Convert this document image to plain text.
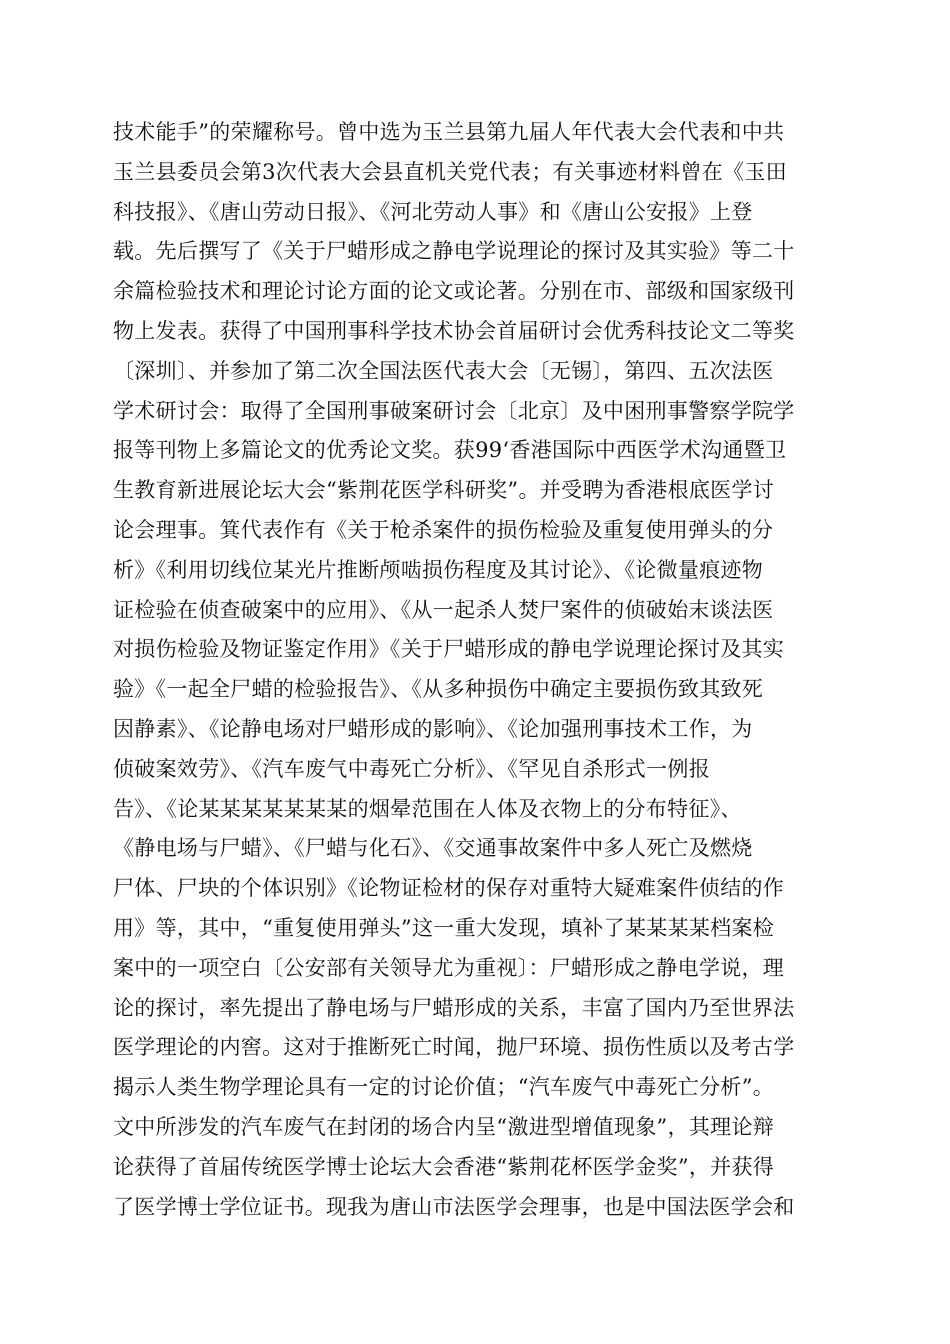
技术能手”的荣耀称号。曾中选为玉兰县第九届人年代表大会代表和中共
玉兰县委员会第3次代表大会县直机关党代表；有关事迹材料曾在《玉田
科技报》、《唐山劳动日报》、《河北劳动人事》和《唐山公安报》上登
载。先后撰写了《关于尸蜡形成之静电学说理论的探讨及其实验》等二十
余篇检验技术和理论讨论方面的论文或论著。分别在市、部级和国家级刊
物上发表。获得了中国刑事科学技术协会首届研讨会优秀科技论文二等奖
〔深圳〕、并参加了第二次全国法医代表大会〔无锡〕，第四、五次法医
学术研讨会：取得了全国刑事破案研讨会〔北京〕及中困刑事警察学院学
报等刊物上多篇论文的优秀论文奖。获99‘香港国际中西医学术沟通暨卫
生教育新进展论坛大会“紫荆花医学科研奖”。并受聘为香港根底医学讨
论会理事。箕代表作有《关于枪杀案件的损伤检验及重复使用弹头的分
析》《利用切线位某光片推断颅啮损伤程度及其讨论》、《论微量痕迹物
证检验在侦查破案中的应用》、《从一起杀人焚尸案件的侦破始末谈法医
对损伤检验及物证鉴定作用》《关于尸蜡形成的静电学说理论探讨及其实
验》《一起全尸蜡的检验报告》、《从多种损伤中确定主要损伤致其致死
因静素》、《论静电场对尸蜡形成的影响》、《论加强刑事技术工作，为
侦破案效劳》、《汽车废气中毒死亡分析》、《罕见自杀形式一例报
告》、《论某某某某某某某的烟晕范围在人体及衣物上的分布特征》、
《静电场与尸蜡》、《尸蜡与化石》、《交通事故案件中多人死亡及燃烧
尸体、尸块的个体识别》《论物证检材的保存对重特大疑难案件侦结的作
用》等，其中，“重复使用弹头”这一重大发现，填补了某某某某档案检
案中的一项空白〔公安部有关领导尤为重视〕：尸蜡形成之静电学说，理
论的探讨，率先提出了静电场与尸蜡形成的关系，丰富了国内乃至世界法
医学理论的内窖。这对于推断死亡时闻，抛尸环境、损伤性质以及考古学
揭示人类生物学理论具有一定的讨论价值；“汽车废气中毒死亡分析”。
文中所涉发的汽车废气在封闭的场合内呈“激进型增值现象”，其理论辩
论获得了首届传统医学博士论坛大会香港“紫荆花杯医学金奖”，并获得
了医学博士学位证书。现我为唐山市法医学会理事，也是中国法医学会和
